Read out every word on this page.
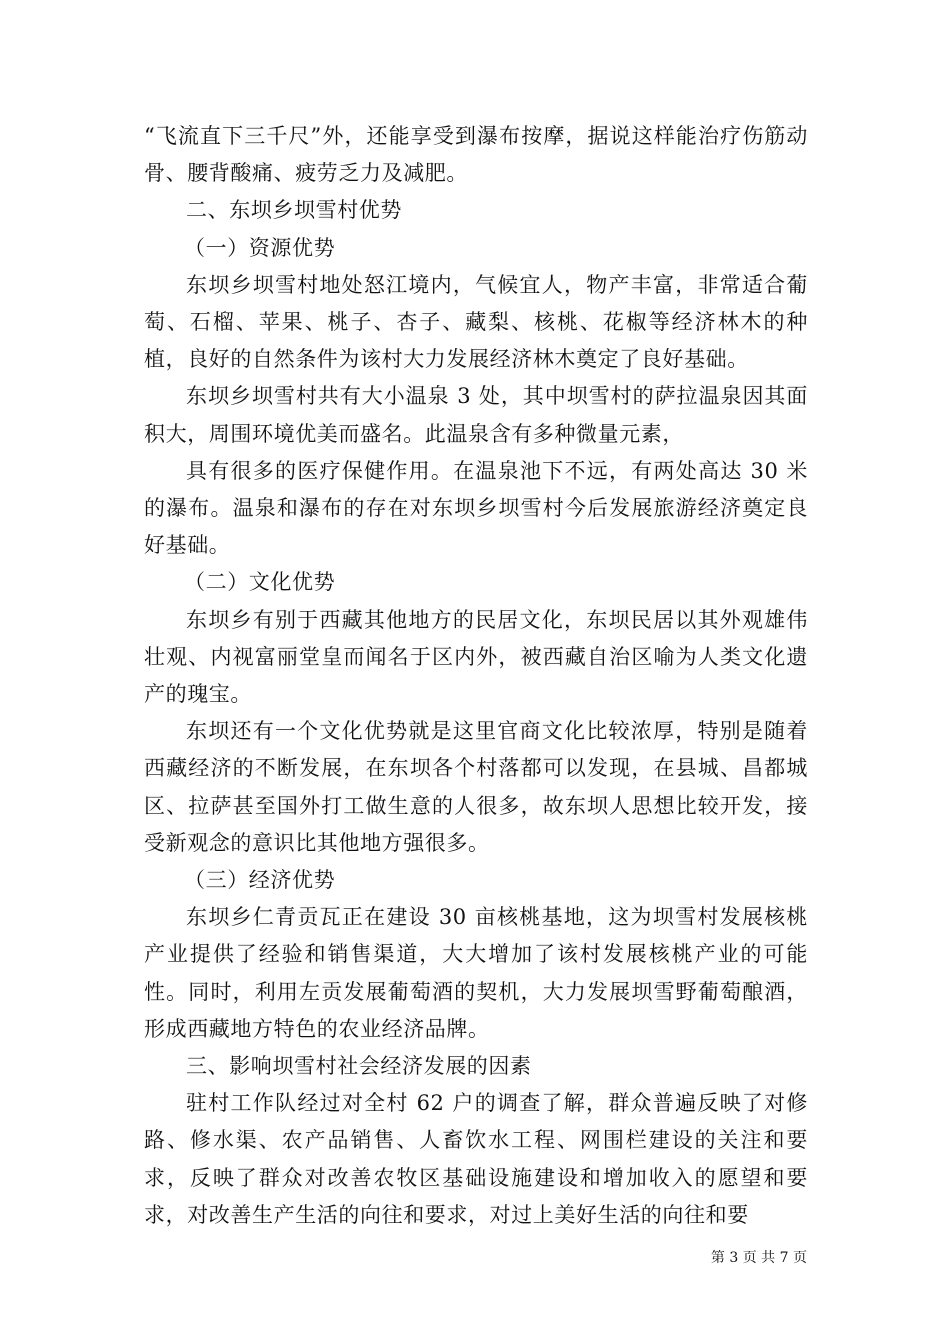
“飞流直下三千尺”外，还能享受到瀑布按摩，据说这样能治疗伤筋动骨、腰背酸痛、疲劳乏力及减肥。

二、东坝乡坝雪村优势

（一）资源优势

东坝乡坝雪村地处怒江境内，气候宜人，物产丰富，非常适合葡萄、石榴、苹果、桃子、杏子、藏梨、核桃、花椒等经济林木的种植，良好的自然条件为该村大力发展经济林木奠定了良好基础。

东坝乡坝雪村共有大小温泉 3 处，其中坝雪村的萨拉温泉因其面积大，周围环境优美而盛名。此温泉含有多种微量元素，

具有很多的医疗保健作用。在温泉池下不远，有两处高达 30 米的瀑布。温泉和瀑布的存在对东坝乡坝雪村今后发展旅游经济奠定良好基础。

（二）文化优势

东坝乡有别于西藏其他地方的民居文化，东坝民居以其外观雄伟壮观、内视富丽堂皇而闻名于区内外，被西藏自治区喻为人类文化遗产的瑰宝。

东坝还有一个文化优势就是这里官商文化比较浓厚，特别是随着西藏经济的不断发展，在东坝各个村落都可以发现，在县城、昌都城区、拉萨甚至国外打工做生意的人很多，故东坝人思想比较开发，接受新观念的意识比其他地方强很多。

（三）经济优势

东坝乡仁青贡瓦正在建设 30 亩核桃基地，这为坝雪村发展核桃产业提供了经验和销售渠道，大大增加了该村发展核桃产业的可能性。同时，利用左贡发展葡萄酒的契机，大力发展坝雪野葡萄酿酒，形成西藏地方特色的农业经济品牌。

三、影响坝雪村社会经济发展的因素

驻村工作队经过对全村 62 户的调查了解，群众普遍反映了对修路、修水渠、农产品销售、人畜饮水工程、网围栏建设的关注和要求，反映了群众对改善农牧区基础设施建设和增加收入的愿望和要求，对改善生产生活的向往和要求，对过上美好生活的向往和要

第 3 页 共 7 页
